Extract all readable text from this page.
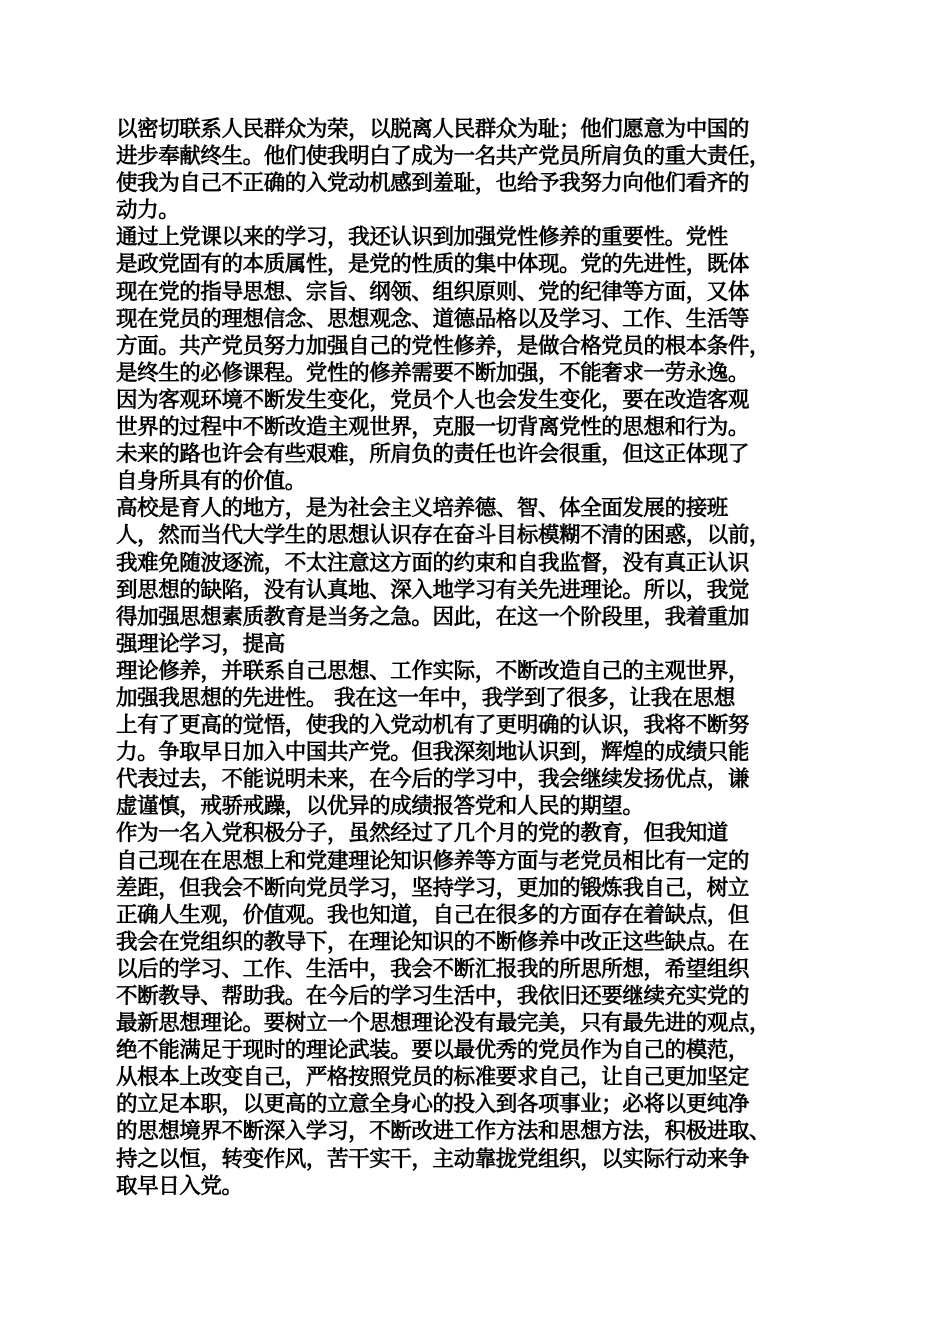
以密切联系人民群众为荣，以脱离人民群众为耻；他们愿意为中国的
进步奉献终生。他们使我明白了成为一名共产党员所肩负的重大责任，
使我为自己不正确的入党动机感到羞耻，也给予我努力向他们看齐的
动力。
通过上党课以来的学习，我还认识到加强党性修养的重要性。党性
是政党固有的本质属性，是党的性质的集中体现。党的先进性，既体
现在党的指导思想、宗旨、纲领、组织原则、党的纪律等方面，又体
现在党员的理想信念、思想观念、道德品格以及学习、工作、生活等
方面。共产党员努力加强自己的党性修养，是做合格党员的根本条件，
是终生的必修课程。党性的修养需要不断加强，不能奢求一劳永逸。
因为客观环境不断发生变化，党员个人也会发生变化，要在改造客观
世界的过程中不断改造主观世界，克服一切背离党性的思想和行为。
未来的路也许会有些艰难，所肩负的责任也许会很重，但这正体现了
自身所具有的价值。
高校是育人的地方，是为社会主义培养德、智、体全面发展的接班
人，然而当代大学生的思想认识存在奋斗目标模糊不清的困惑，以前，
我难免随波逐流，不太注意这方面的约束和自我监督，没有真正认识
到思想的缺陷，没有认真地、深入地学习有关先进理论。所以，我觉
得加强思想素质教育是当务之急。因此，在这一个阶段里，我着重加
强理论学习，提高
理论修养，并联系自己思想、工作实际，不断改造自己的主观世界，
加强我思想的先进性。 我在这一年中，我学到了很多，让我在思想
上有了更高的觉悟，使我的入党动机有了更明确的认识，我将不断努
力。争取早日加入中国共产党。但我深刻地认识到，辉煌的成绩只能
代表过去，不能说明未来，在今后的学习中，我会继续发扬优点，谦
虚谨慎，戒骄戒躁，以优异的成绩报答党和人民的期望。
作为一名入党积极分子，虽然经过了几个月的党的教育，但我知道
自己现在在思想上和党建理论知识修养等方面与老党员相比有一定的
差距，但我会不断向党员学习，坚持学习，更加的锻炼我自己，树立
正确人生观，价值观。我也知道，自己在很多的方面存在着缺点，但
我会在党组织的教导下，在理论知识的不断修养中改正这些缺点。在
以后的学习、工作、生活中，我会不断汇报我的所思所想，希望组织
不断教导、帮助我。在今后的学习生活中，我依旧还要继续充实党的
最新思想理论。要树立一个思想理论没有最完美，只有最先进的观点，
绝不能满足于现时的理论武装。要以最优秀的党员作为自己的模范，
从根本上改变自己，严格按照党员的标准要求自己，让自己更加坚定
的立足本职，以更高的立意全身心的投入到各项事业；必将以更纯净
的思想境界不断深入学习，不断改进工作方法和思想方法，积极进取、
持之以恒，转变作风，苦干实干，主动靠拢党组织，以实际行动来争
取早日入党。
